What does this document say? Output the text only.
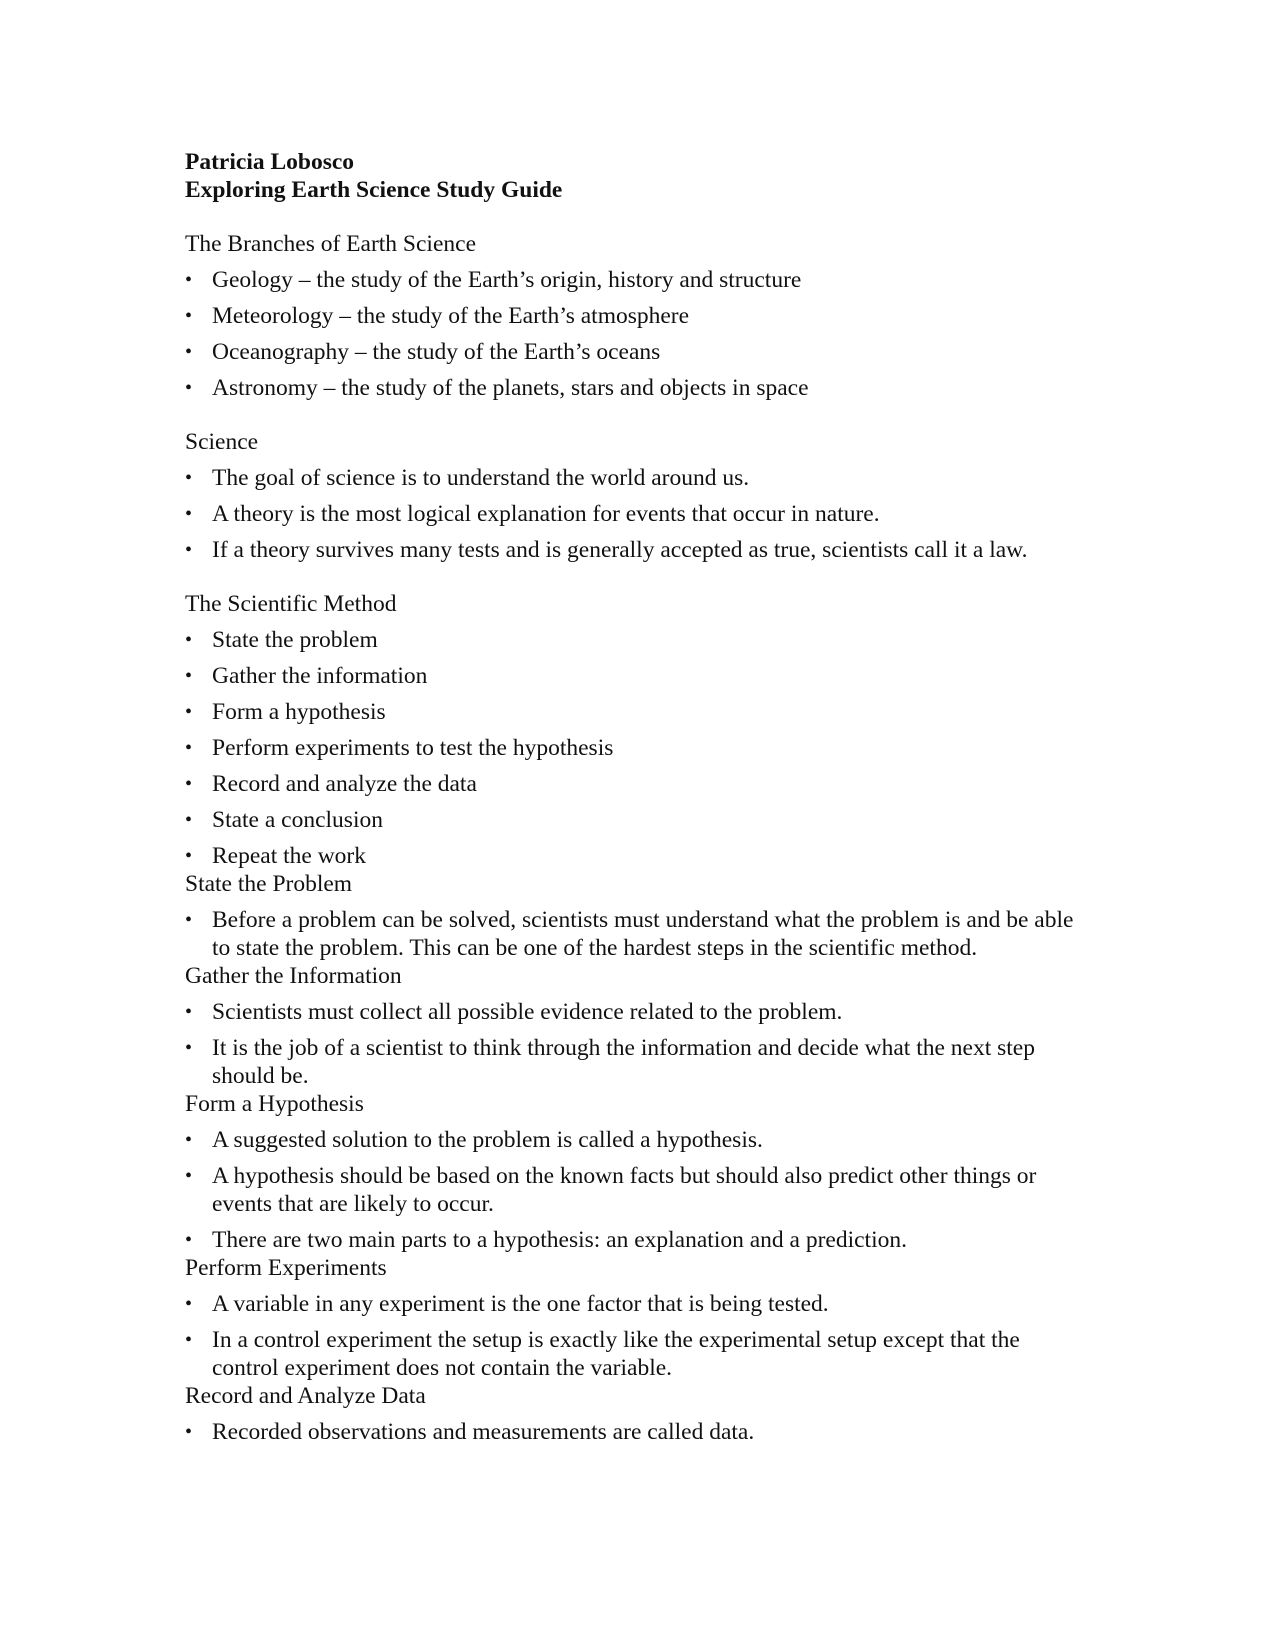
Patricia Lobosco
Exploring Earth Science Study Guide
The Branches of Earth Science
• Geology – the study of the Earth’s origin, history and structure
• Meteorology – the study of the Earth’s atmosphere
• Oceanography – the study of the Earth’s oceans
• Astronomy – the study of the planets, stars and objects in space
Science
• The goal of science is to understand the world around us.
• A theory is the most logical explanation for events that occur in nature.
• If a theory survives many tests and is generally accepted as true, scientists call it a law.
The Scientific Method
• State the problem
• Gather the information
• Form a hypothesis
• Perform experiments to test the hypothesis
• Record and analyze the data
• State a conclusion
• Repeat the work
State the Problem
• Before a problem can be solved, scientists must understand what the problem is and be able to state the problem. This can be one of the hardest steps in the scientific method.
Gather the Information
• Scientists must collect all possible evidence related to the problem.
• It is the job of a scientist to think through the information and decide what the next step should be.
Form a Hypothesis
• A suggested solution to the problem is called a hypothesis.
• A hypothesis should be based on the known facts but should also predict other things or events that are likely to occur.
• There are two main parts to a hypothesis: an explanation and a prediction.
Perform Experiments
• A variable in any experiment is the one factor that is being tested.
• In a control experiment the setup is exactly like the experimental setup except that the control experiment does not contain the variable.
Record and Analyze Data
• Recorded observations and measurements are called data.
